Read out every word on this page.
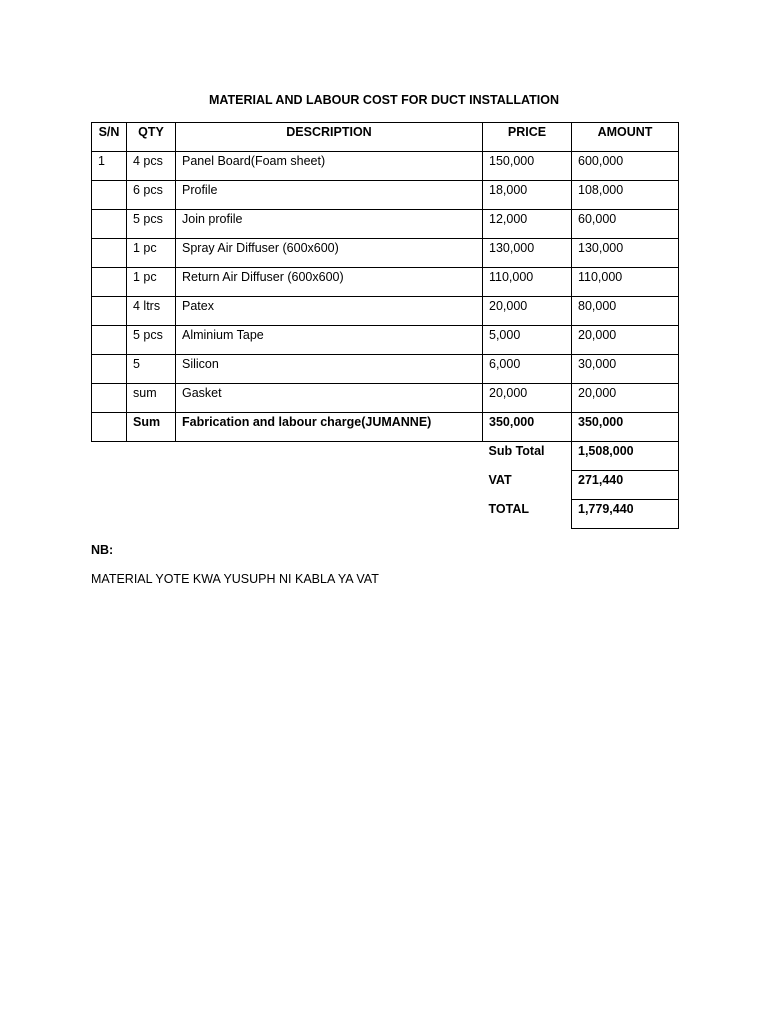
MATERIAL AND LABOUR COST FOR DUCT INSTALLATION
S/N	QTY	DESCRIPTION	PRICE	AMOUNT
1	4 pcs	Panel Board(Foam sheet)	150,000	600,000
	6 pcs	Profile	18,000	108,000
	5 pcs	Join profile	12,000	60,000
	1 pc	Spray Air Diffuser (600x600)	130,000	130,000
	1 pc	Return Air Diffuser (600x600)	110,000	110,000
	4 ltrs	Patex	20,000	80,000
	5 pcs	Alminium Tape	5,000	20,000
	5	Silicon	6,000	30,000
	sum	Gasket	20,000	20,000
	Sum	Fabrication and labour charge(JUMANNE)	350,000	350,000
			Sub Total	1,508,000
			VAT	271,440
			TOTAL	1,779,440
NB:
MATERIAL YOTE KWA YUSUPH NI KABLA YA VAT
